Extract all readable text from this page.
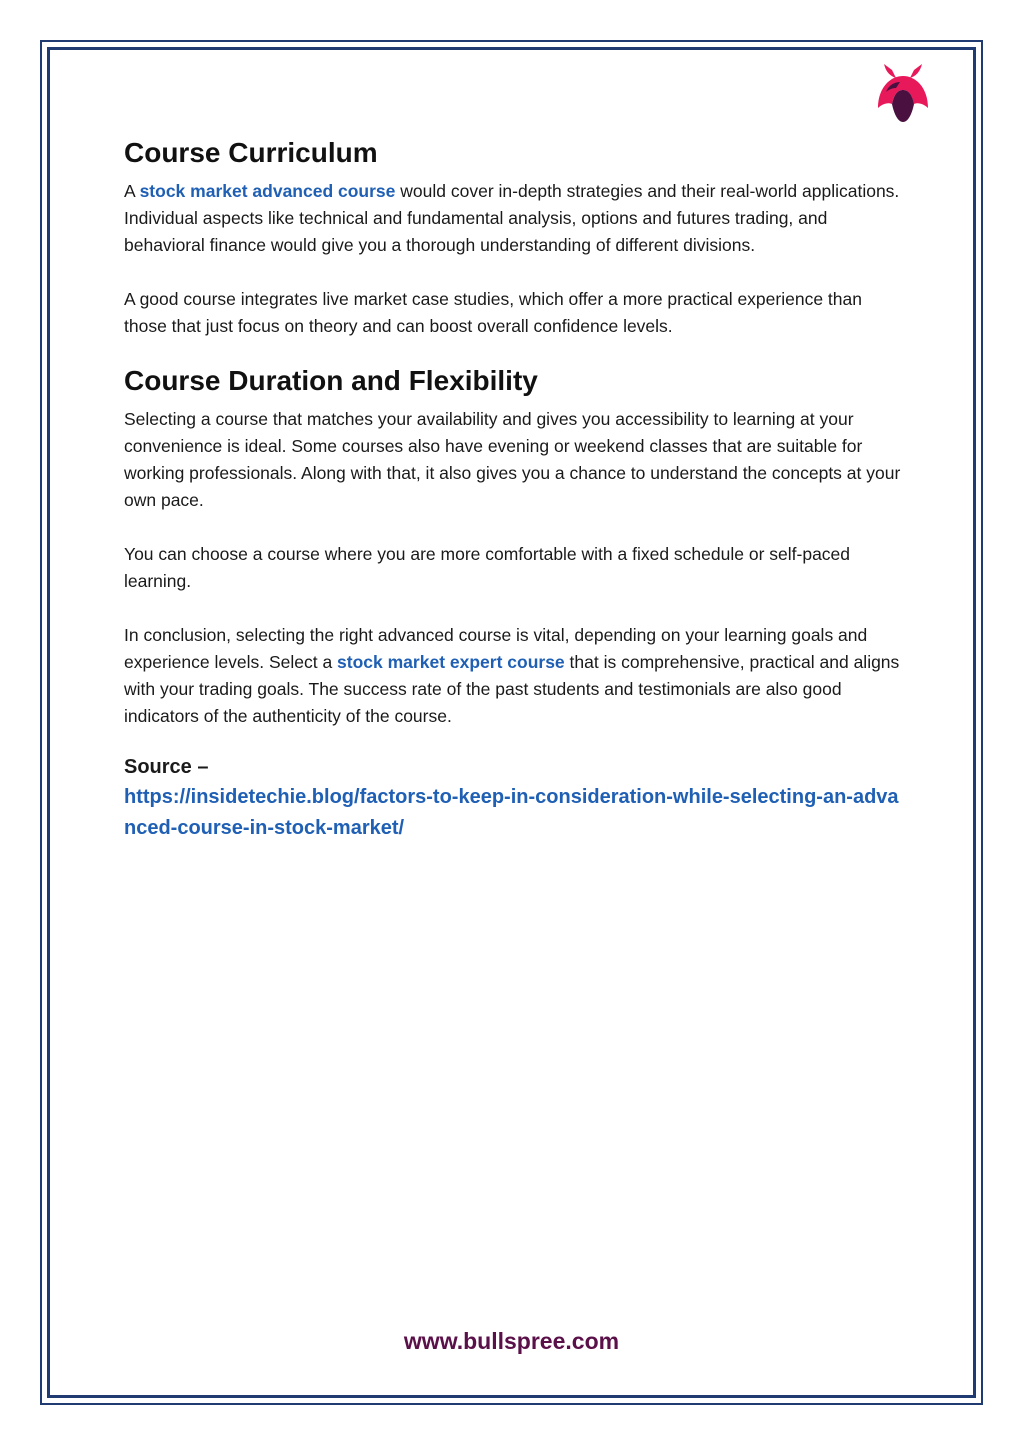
Course Curriculum

A stock market advanced course would cover in-depth strategies and their real-world applications. Individual aspects like technical and fundamental analysis, options and futures trading, and behavioral finance would give you a thorough understanding of different divisions.

A good course integrates live market case studies, which offer a more practical experience than those that just focus on theory and can boost overall confidence levels.

Course Duration and Flexibility

Selecting a course that matches your availability and gives you accessibility to learning at your convenience is ideal. Some courses also have evening or weekend classes that are suitable for working professionals. Along with that, it also gives you a chance to understand the concepts at your own pace.

You can choose a course where you are more comfortable with a fixed schedule or self-paced learning.

In conclusion, selecting the right advanced course is vital, depending on your learning goals and experience levels. Select a stock market expert course that is comprehensive, practical and aligns with your trading goals. The success rate of the past students and testimonials are also good indicators of the authenticity of the course.

Source –
https://insidetechie.blog/factors-to-keep-in-consideration-while-selecting-an-advanced-course-in-stock-market/
www.bullspree.com
